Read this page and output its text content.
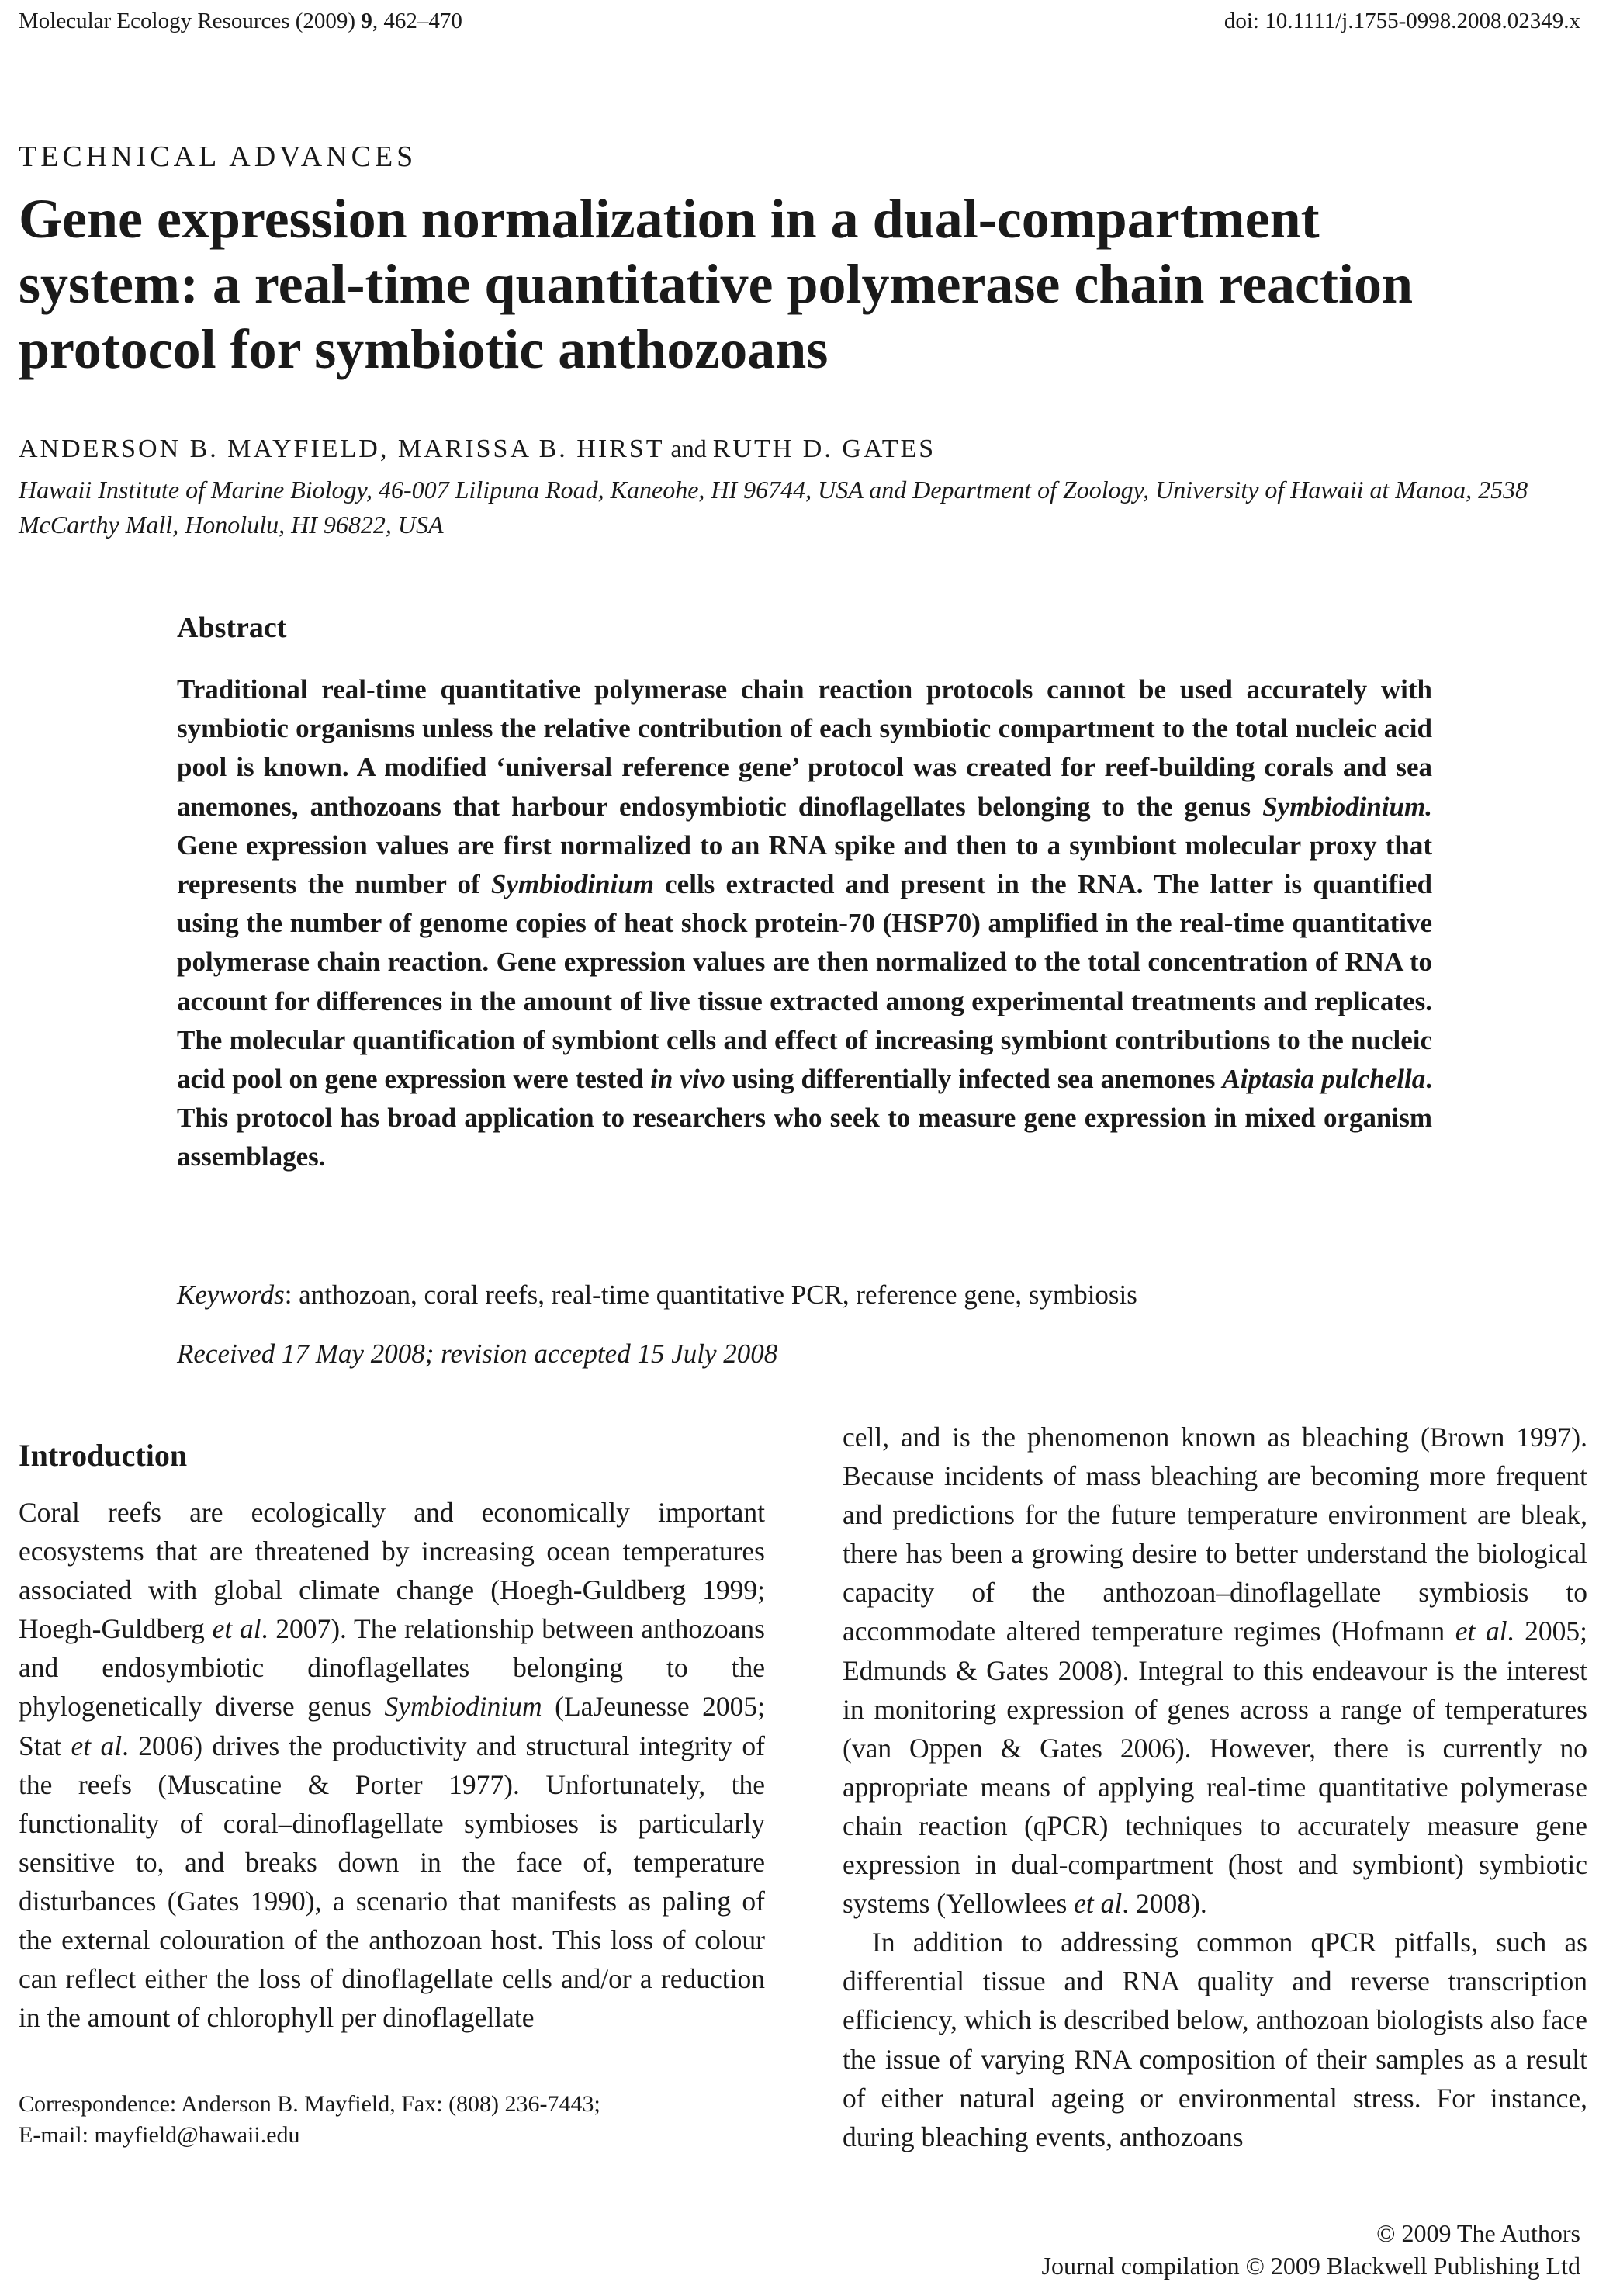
Molecular Ecology Resources (2009) 9, 462–470	doi: 10.1111/j.1755-0998.2008.02349.x
TECHNICAL ADVANCES
Gene expression normalization in a dual-compartment
system: a real-time quantitative polymerase chain reaction
protocol for symbiotic anthozoans
ANDERSON B. MAYFIELD, MARISSA B. HIRST and RUTH D. GATES
Hawaii Institute of Marine Biology, 46-007 Lilipuna Road, Kaneohe, HI 96744, USA and Department of Zoology, University of Hawaii at Manoa, 2538 McCarthy Mall, Honolulu, HI 96822, USA
Abstract
Traditional real-time quantitative polymerase chain reaction protocols cannot be used accurately with symbiotic organisms unless the relative contribution of each symbiotic compartment to the total nucleic acid pool is known. A modified ‘universal reference gene’ protocol was created for reef-building corals and sea anemones, anthozoans that harbour endosymbiotic dinoflagellates belonging to the genus Symbiodinium. Gene expression values are first normalized to an RNA spike and then to a symbiont molecular proxy that represents the number of Symbiodinium cells extracted and present in the RNA. The latter is quantified using the number of genome copies of heat shock protein-70 (HSP70) amplified in the real-time quantitative polymerase chain reaction. Gene expression values are then normalized to the total concentration of RNA to account for differences in the amount of live tissue extracted among experimental treatments and replicates. The molecular quantification of symbiont cells and effect of increasing symbiont contributions to the nucleic acid pool on gene expression were tested in vivo using differentially infected sea anemones Aiptasia pulchella. This protocol has broad application to researchers who seek to measure gene expression in mixed organism assemblages.
Keywords: anthozoan, coral reefs, real-time quantitative PCR, reference gene, symbiosis
Received 17 May 2008; revision accepted 15 July 2008
Introduction
Coral reefs are ecologically and economically important ecosystems that are threatened by increasing ocean temperatures associated with global climate change (Hoegh-Guldberg 1999; Hoegh-Guldberg et al. 2007). The relationship between anthozoans and endosymbiotic dinoflagellates belonging to the phylogenetically diverse genus Symbiodinium (LaJeunesse 2005; Stat et al. 2006) drives the productivity and structural integrity of the reefs (Muscatine & Porter 1977). Unfortunately, the functionality of coral–dinoflagellate symbioses is particularly sensitive to, and breaks down in the face of, temperature disturbances (Gates 1990), a scenario that manifests as paling of the external colouration of the anthozoan host. This loss of colour can reflect either the loss of dinoflagellate cells and/or a reduction in the amount of chlorophyll per dinoflagellate

cell, and is the phenomenon known as bleaching (Brown 1997). Because incidents of mass bleaching are becoming more frequent and predictions for the future temperature environment are bleak, there has been a growing desire to better understand the biological capacity of the anthozoan–dinoflagellate symbiosis to accommodate altered temperature regimes (Hofmann et al. 2005; Edmunds & Gates 2008). Integral to this endeavour is the interest in monitoring expression of genes across a range of temperatures (van Oppen & Gates 2006). However, there is currently no appropriate means of applying real-time quantitative polymerase chain reaction (qPCR) techniques to accurately measure gene expression in dual-compartment (host and symbiont) symbiotic systems (Yellowlees et al. 2008).

In addition to addressing common qPCR pitfalls, such as differential tissue and RNA quality and reverse transcription efficiency, which is described below, anthozoan biologists also face the issue of varying RNA composition of their samples as a result of either natural ageing or environmental stress. For instance, during bleaching events, anthozoans

Correspondence: Anderson B. Mayfield, Fax: (808) 236-7443;
E-mail: mayfield@hawaii.edu
© 2009 The Authors
Journal compilation © 2009 Blackwell Publishing Ltd
